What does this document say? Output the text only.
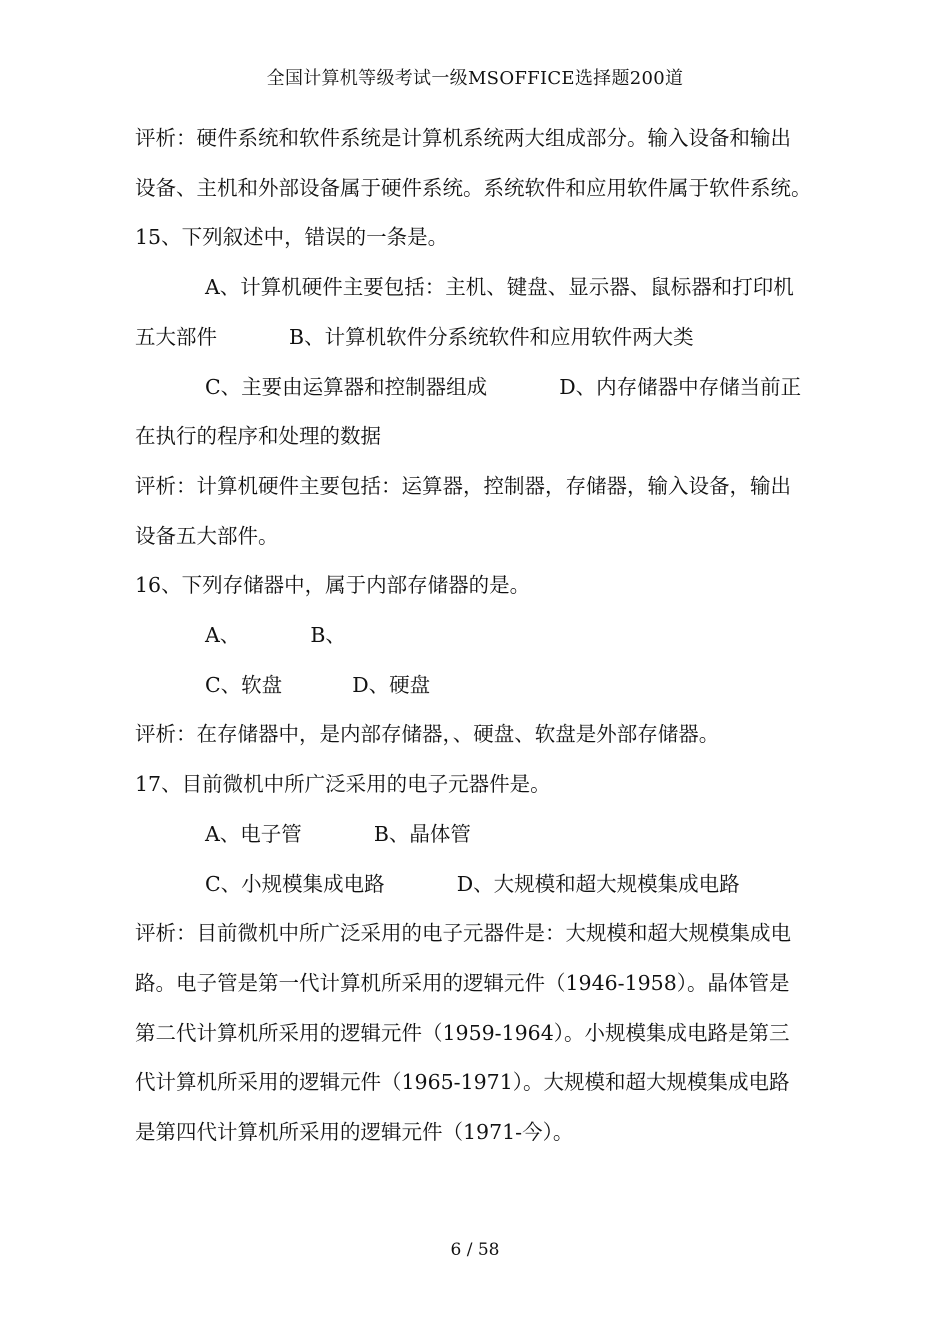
全国计算机等级考试一级MSOFFICE选择题200道

评析：硬件系统和软件系统是计算机系统两大组成部分。输入设备和输出

设备、主机和外部设备属于硬件系统。系统软件和应用软件属于软件系统。

15、下列叙述中，错误的一条是。

A、计算机硬件主要包括：主机、键盘、显示器、鼠标器和打印机

五大部件	B、计算机软件分系统软件和应用软件两大类

C、主要由运算器和控制器组成	D、内存储器中存储当前正

在执行的程序和处理的数据

评析：计算机硬件主要包括：运算器，控制器，存储器，输入设备，输出

设备五大部件。

16、下列存储器中，属于内部存储器的是。

A、	B、

C、软盘	D、硬盘

评析：在存储器中，是内部存储器，、硬盘、软盘是外部存储器。

17、目前微机中所广泛采用的电子元器件是。

A、电子管	B、晶体管

C、小规模集成电路	D、大规模和超大规模集成电路

评析：目前微机中所广泛采用的电子元器件是：大规模和超大规模集成电

路。电子管是第一代计算机所采用的逻辑元件（1946-1958）。晶体管是

第二代计算机所采用的逻辑元件（1959-1964）。小规模集成电路是第三

代计算机所采用的逻辑元件（1965-1971）。大规模和超大规模集成电路

是第四代计算机所采用的逻辑元件（1971-今）。

6 / 58
